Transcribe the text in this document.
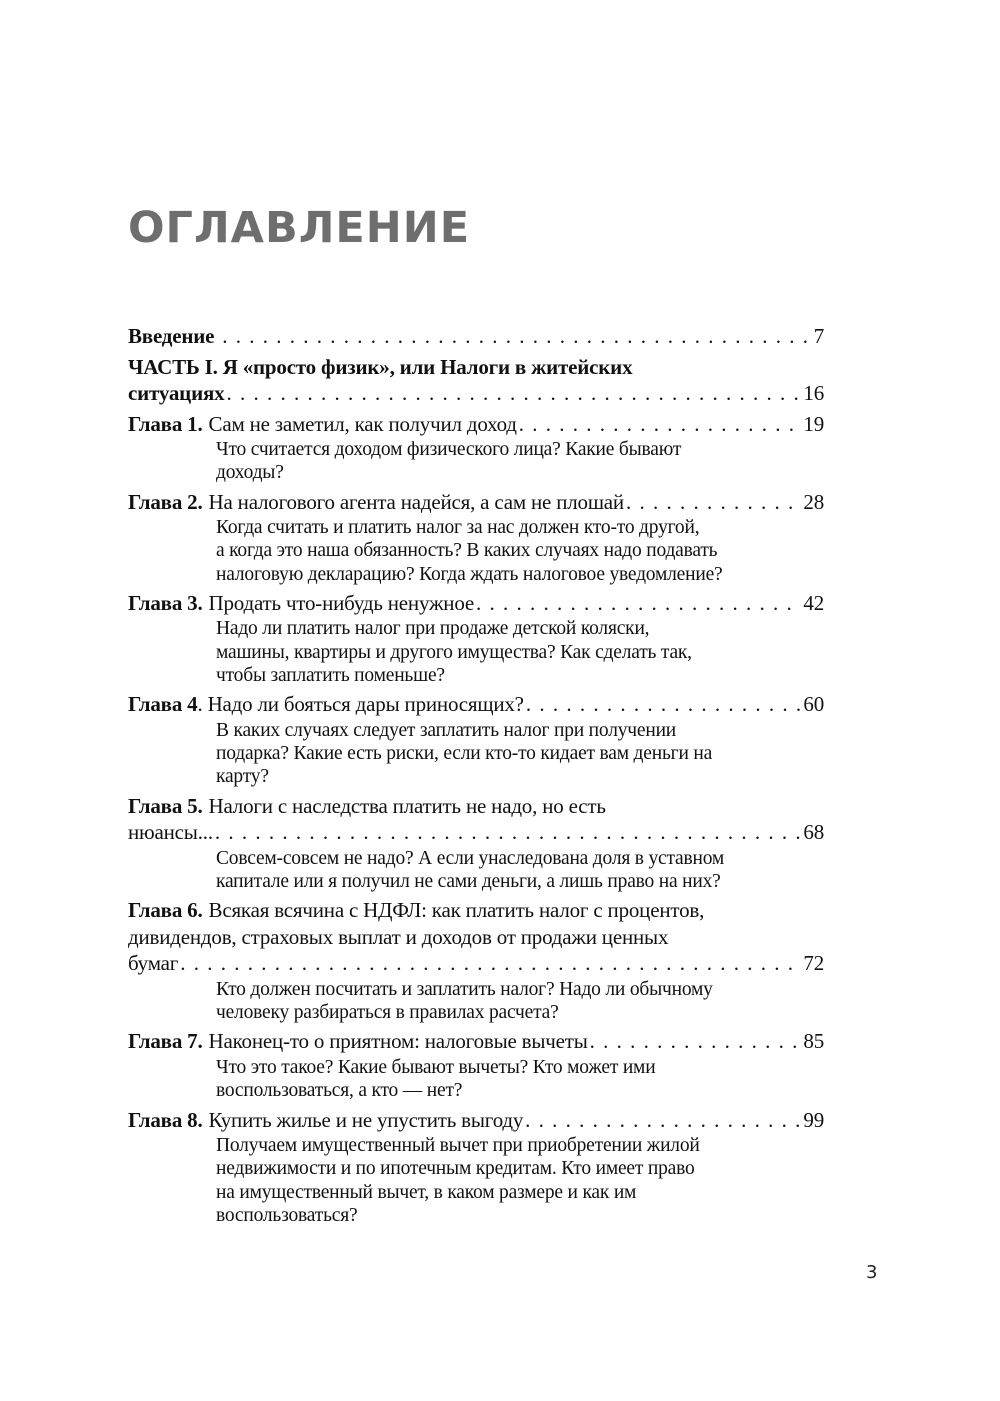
ОГЛАВЛЕНИЕ
Введение . . .	7
ЧАСТЬ I. Я «просто физик», или Налоги в житейских
ситуациях . . .	16
Глава 1. Сам не заметил, как получил доход . . .	19
Что считается доходом физического лица? Какие бывают
доходы?
Глава 2. На налогового агента надейся, а сам не плошай . . .	28
Когда считать и платить налог за нас должен кто-то другой,
а когда это наша обязанность? В каких случаях надо подавать
налоговую декларацию? Когда ждать налоговое уведомление?
Глава 3. Продать что-нибудь ненужное . . .	42
Надо ли платить налог при продаже детской коляски,
машины, квартиры и другого имущества? Как сделать так,
чтобы заплатить поменьше?
Глава 4 . Надо ли бояться дары приносящих? . . .	60
В каких случаях следует заплатить налог при получении
подарка? Какие есть риски, если кто-то кидает вам деньги на
карту?
Глава 5. Налоги с наследства платить не надо, но есть
нюансы... . . .	68
Совсем-совсем не надо? А если унаследована доля в уставном
капитале или я получил не сами деньги, а лишь право на них?
Глава 6. Всякая всячина с НДФЛ: как платить налог с процентов,
дивидендов, страховых выплат и доходов от продажи ценных
бумаг . . .	72
Кто должен посчитать и заплатить налог? Надо ли обычному
человеку разбираться в правилах расчета?
Глава 7. Наконец-то о приятном: налоговые вычеты . . .	85
Что это такое? Какие бывают вычеты? Кто может ими
воспользоваться, а кто — нет?
Глава 8. Купить жилье и не упустить выгоду . . .	99
Получаем имущественный вычет при приобретении жилой
недвижимости и по ипотечным кредитам. Кто имеет право
на имущественный вычет, в каком размере и как им
воспользоваться?
3
